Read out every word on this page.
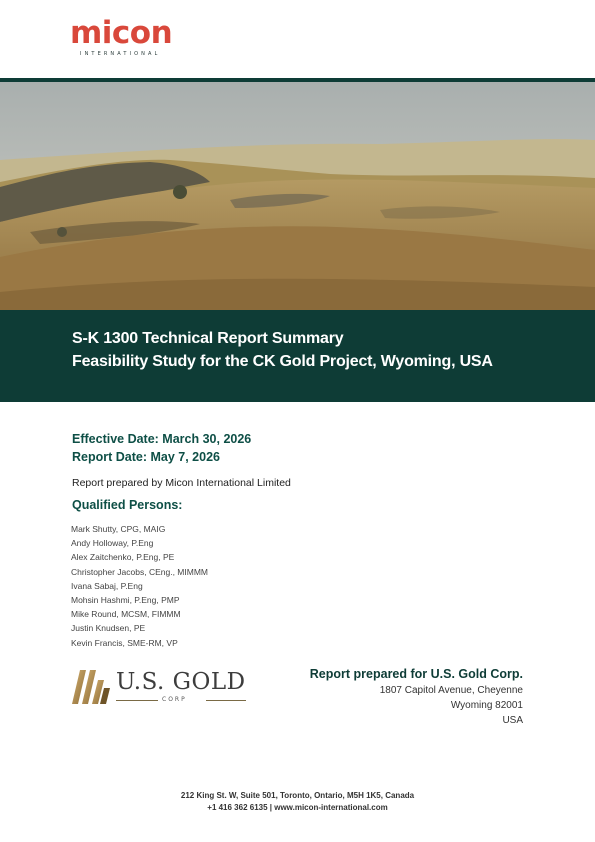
micon
INTERNATIONAL
S-K 1300 Technical Report Summary
Feasibility Study for the CK Gold Project, Wyoming, USA
Effective Date: March 30, 2026
Report Date: May 7, 2026
Report prepared by Micon International Limited
Qualified Persons:
Mark Shutty, CPG, MAIG
Andy Holloway, P.Eng
Alex Zaitchenko, P.Eng, PE
Christopher Jacobs, CEng., MIMMM
Ivana Sabaj, P.Eng
Mohsin Hashmi, P.Eng, PMP
Mike Round, MCSM, FIMMM
Justin Knudsen, PE
Kevin Francis, SME-RM, VP
U.S. GOLD
CORP
Report prepared for U.S. Gold Corp.
1807 Capitol Avenue, Cheyenne
Wyoming 82001
USA
212 King St. W, Suite 501, Toronto, Ontario, M5H 1K5, Canada
+1 416 362 6135 | www.micon-international.com
